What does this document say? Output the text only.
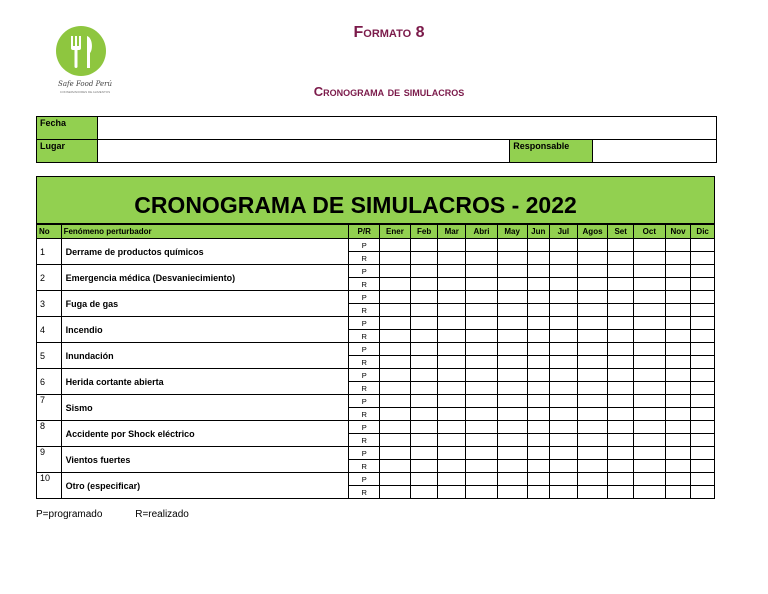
Safe Food Perú
CONSERVADORES DE ALIMENTOS
Formato 8
Cronograma de simulacros
Fecha			
Lugar		Responsable	
CRONOGRAMA DE SIMULACROS - 2022
No	Fenómeno perturbador	P/R	Ener	Feb	Mar	Abri	May	Jun	Jul	Agos	Set	Oct	Nov	Dic
1	Derrame de productos químicos	P												
		R												
2	Emergencia médica (Desvaniecimiento)	P												
		R												
3	Fuga de gas	P												
		R												
4	Incendio	P												
		R												
5	Inundación	P												
		R												
6	Herida cortante abierta	P												
		R												
7	Sismo	P												
		R												
8	Accidente por Shock eléctrico	P												
		R												
9	Vientos fuertes	P												
		R												
10	Otro (especificar)	P												
		R												
P=programado	R=realizado
